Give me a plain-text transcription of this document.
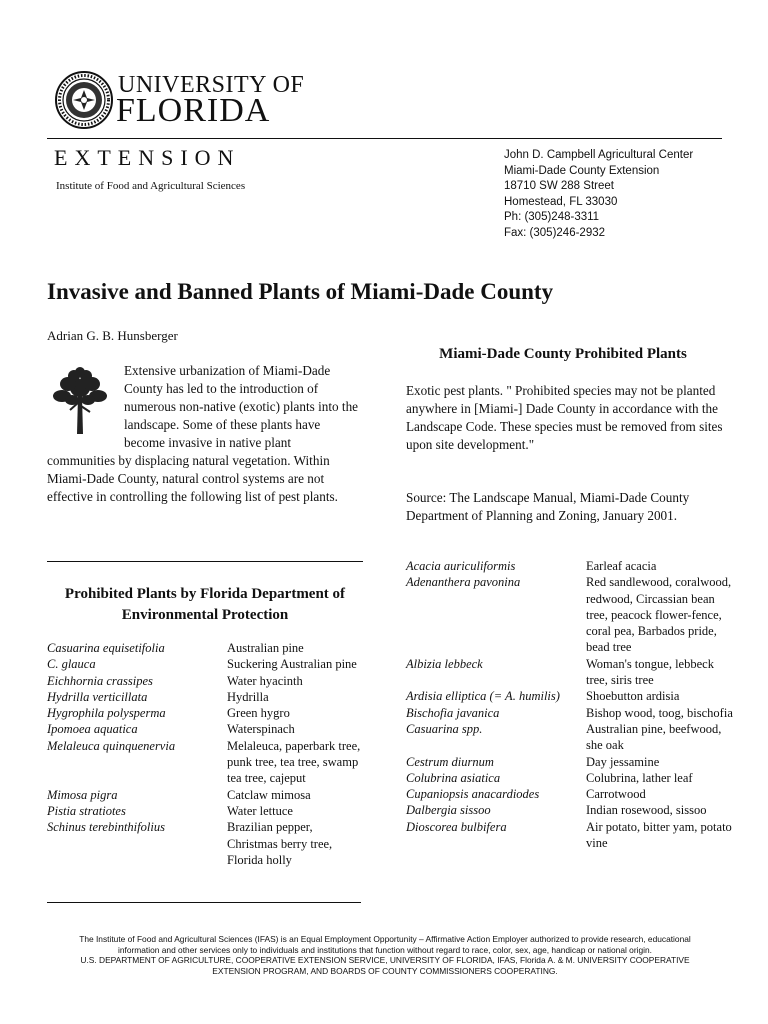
UNIVERSITY OF
FLORIDA
EXTENSION
Institute of Food and Agricultural Sciences
John D. Campbell Agricultural Center
Miami-Dade County Extension
18710 SW 288 Street
Homestead, FL 33030
Ph: (305)248-3311
Fax: (305)246-2932
Invasive and Banned Plants of Miami-Dade County
Adrian G. B. Hunsberger
Extensive urbanization of Miami-Dade County has led to the introduction of numerous non-native (exotic) plants into the landscape. Some of these plants have become invasive in native plant communities by displacing natural vegetation. Within Miami-Dade County, natural control systems are not effective in controlling the following list of pest plants.
Prohibited Plants by Florida Department of Environmental Protection
Casuarina equisetifolia	Australian pine
C. glauca	Suckering Australian pine
Eichhornia crassipes	Water hyacinth
Hydrilla verticillata	Hydrilla
Hygrophila polysperma	Green hygro
Ipomoea aquatica	Waterspinach
Melaleuca quinquenervia	Melaleuca, paperbark tree, punk tree, tea tree, swamp tea tree, cajeput
Mimosa pigra	Catclaw mimosa
Pistia stratiotes	Water lettuce
Schinus terebinthifolius	Brazilian pepper, Christmas berry tree, Florida holly
Miami-Dade County Prohibited Plants
Exotic pest plants. " Prohibited species may not be planted anywhere in [Miami-] Dade County in accordance with the Landscape Code. These species must be removed from sites upon site development."
Source: The Landscape Manual, Miami-Dade County Department of Planning and Zoning, January 2001.
Acacia auriculiformis	Earleaf acacia
Adenanthera pavonina	Red sandlewood, coralwood, redwood, Circassian bean tree, peacock flower-fence, coral pea, Barbados pride, bead tree
Albizia lebbeck	Woman's tongue, lebbeck tree, siris tree
Ardisia elliptica (= A. humilis)	Shoebutton ardisia
Bischofia javanica	Bishop wood, toog, bischofia
Casuarina spp.	Australian pine, beefwood, she oak
Cestrum diurnum	Day jessamine
Colubrina asiatica	Colubrina, lather leaf
Cupaniopsis anacardiodes	Carrotwood
Dalbergia sissoo	Indian rosewood, sissoo
Dioscorea bulbifera	Air potato, bitter yam, potato vine
The Institute of Food and Agricultural Sciences (IFAS) is an Equal Employment Opportunity – Affirmative Action Employer authorized to provide research, educational
information and other services only to individuals and institutions that function without regard to race, color, sex, age, handicap or national origin.
U.S. DEPARTMENT OF AGRICULTURE, COOPERATIVE EXTENSION SERVICE, UNIVERSITY OF FLORIDA, IFAS, Florida A. & M. UNIVERSITY COOPERATIVE
EXTENSION PROGRAM, AND BOARDS OF COUNTY COMMISSIONERS COOPERATING.
